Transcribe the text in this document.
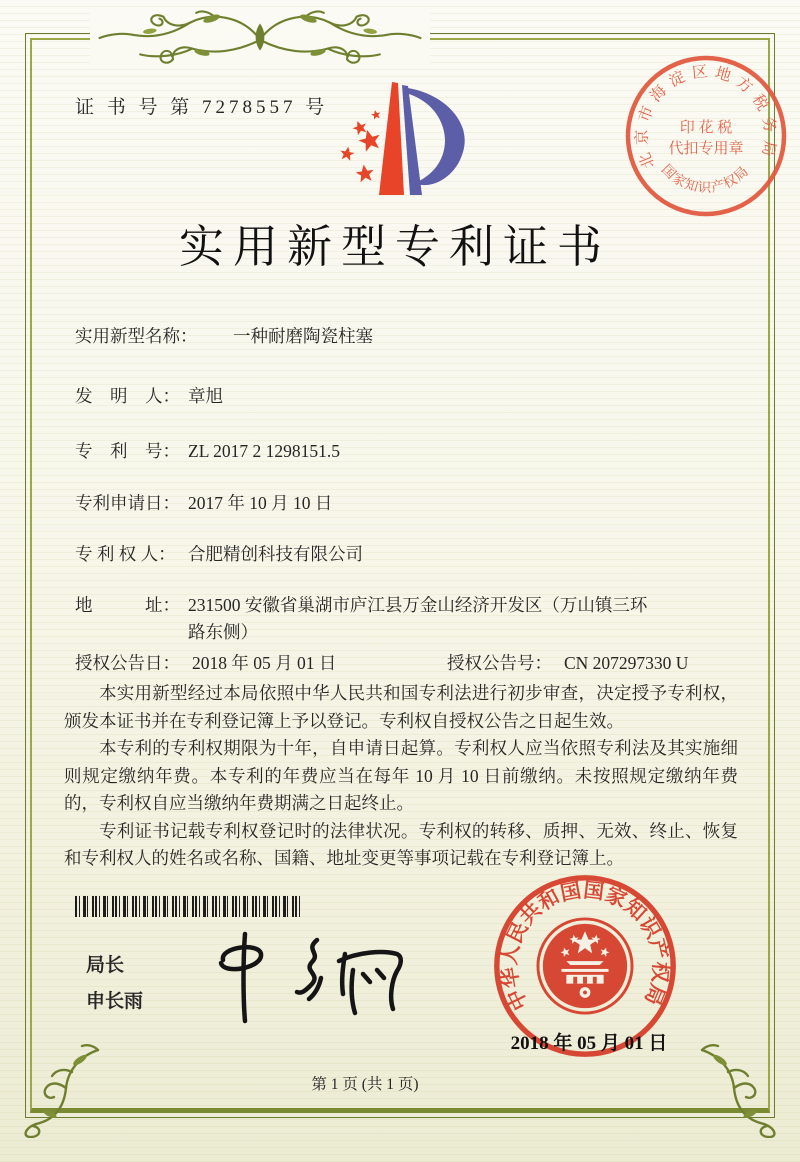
证 书 号 第 7278557 号
北京市海淀区地方税务局
印 花 税
代扣专用章
国家知识产权局
实用新型专利证书
实用新型名称：	一种耐磨陶瓷柱塞
发　明　人： 章旭
专　利　号： ZL 2017 2 1298151.5
专利申请日： 2017 年 10 月 10 日
专 利 权 人： 合肥精创科技有限公司
地　　　址： 231500 安徽省巢湖市庐江县万金山经济开发区（万山镇三环路东侧）
授权公告日： 2018 年 05 月 01 日	授权公告号： CN 207297330 U

本实用新型经过本局依照中华人民共和国专利法进行初步审查，决定授予专利权，颁发本证书并在专利登记簿上予以登记。专利权自授权公告之日起生效。

本专利的专利权期限为十年，自申请日起算。专利权人应当依照专利法及其实施细则规定缴纳年费。本专利的年费应当在每年 10 月 10 日前缴纳。未按照规定缴纳年费的，专利权自应当缴纳年费期满之日起终止。

专利证书记载专利权登记时的法律状况。专利权的转移、质押、无效、终止、恢复和专利权人的姓名或名称、国籍、地址变更等事项记载在专利登记簿上。

局长
申长雨	中华人民共和国国家知识产权局
2018 年 05 月 01 日
第 1 页 (共 1 页)
